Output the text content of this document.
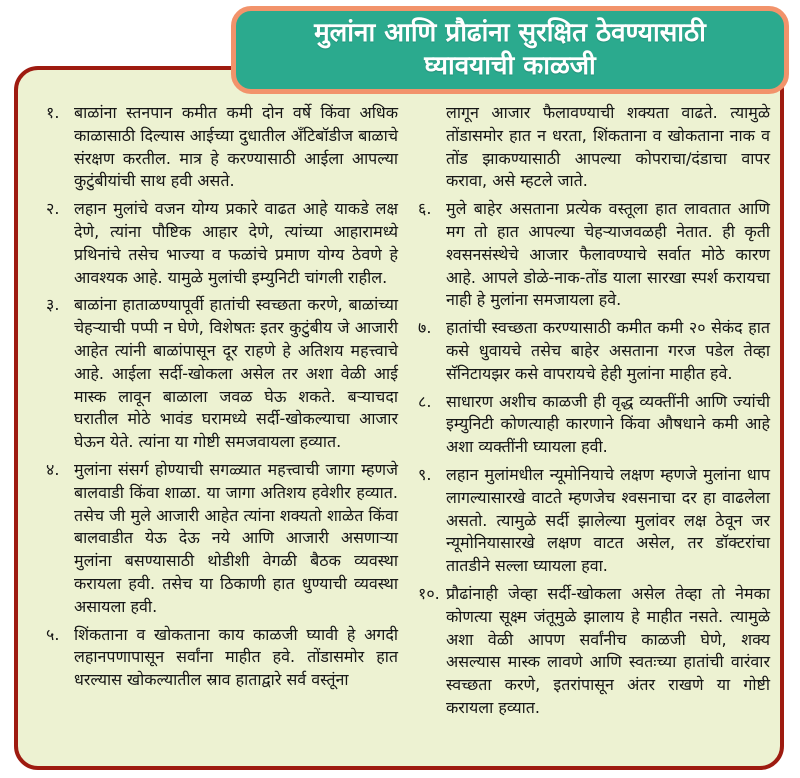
मुलांना आणि प्रौढांना सुरक्षित ठेवण्यासाठी
घ्यावयाची काळजी
१. बाळांना स्तनपान कमीत कमी दोन वर्षे किंवा अधिक काळासाठी दिल्यास आईच्या दुधातील अँटिबॉडीज बाळाचे संरक्षण करतील. मात्र हे करण्यासाठी आईला आपल्या कुटुंबीयांची साथ हवी असते.
२. लहान मुलांचे वजन योग्य प्रकारे वाढत आहे याकडे लक्ष देणे, त्यांना पौष्टिक आहार देणे, त्यांच्या आहारामध्ये प्रथिनांचे तसेच भाज्या व फळांचे प्रमाण योग्य ठेवणे हे आवश्यक आहे. यामुळे मुलांची इम्युनिटी चांगली राहील.
३. बाळांना हाताळण्यापूर्वी हातांची स्वच्छता करणे, बाळांच्या चेहऱ्याची पप्पी न घेणे, विशेषतः इतर कुटुंबीय जे आजारी आहेत त्यांनी बाळांपासून दूर राहणे हे अतिशय महत्त्वाचे आहे. आईला सर्दी-खोकला असेल तर अशा वेळी आई मास्क लावून बाळाला जवळ घेऊ शकते. बऱ्याचदा घरातील मोठे भावंड घरामध्ये सर्दी-खोकल्याचा आजार घेऊन येते. त्यांना या गोष्टी समजवायला हव्यात.
४. मुलांना संसर्ग होण्याची सगळ्यात महत्त्वाची जागा म्हणजे बालवाडी किंवा शाळा. या जागा अतिशय हवेशीर हव्यात. तसेच जी मुले आजारी आहेत त्यांना शक्यतो शाळेत किंवा बालवाडीत येऊ देऊ नये आणि आजारी असणाऱ्या मुलांना बसण्यासाठी थोडीशी वेगळी बैठक व्यवस्था करायला हवी. तसेच या ठिकाणी हात धुण्याची व्यवस्था असायला हवी.
५. शिंकताना व खोकताना काय काळजी घ्यावी हे अगदी लहानपणापासून सर्वांना माहीत हवे. तोंडासमोर हात धरल्यास खोकल्यातील स्राव हाताद्वारे सर्व वस्तूंना
लागून आजार फैलावण्याची शक्यता वाढते. त्यामुळे तोंडासमोर हात न धरता, शिंकताना व खोकताना नाक व तोंड झाकण्यासाठी आपल्या कोपराचा/दंडाचा वापर करावा, असे म्हटले जाते.
६. मुले बाहेर असताना प्रत्येक वस्तूला हात लावतात आणि मग तो हात आपल्या चेहऱ्याजवळही नेतात. ही कृती श्वसनसंस्थेचे आजार फैलावण्याचे सर्वात मोठे कारण आहे. आपले डोळे-नाक-तोंड याला सारखा स्पर्श करायचा नाही हे मुलांना समजायला हवे.
७. हातांची स्वच्छता करण्यासाठी कमीत कमी २० सेकंद हात कसे धुवायचे तसेच बाहेर असताना गरज पडेल तेव्हा सॅनिटायझर कसे वापरायचे हेही मुलांना माहीत हवे.
८. साधारण अशीच काळजी ही वृद्ध व्यक्तींनी आणि ज्यांची इम्युनिटी कोणत्याही कारणाने किंवा औषधाने कमी आहे अशा व्यक्तींनी घ्यायला हवी.
९. लहान मुलांमधील न्यूमोनियाचे लक्षण म्हणजे मुलांना धाप लागल्यासारखे वाटते म्हणजेच श्वसनाचा दर हा वाढलेला असतो. त्यामुळे सर्दी झालेल्या मुलांवर लक्ष ठेवून जर न्यूमोनियासारखे लक्षण वाटत असेल, तर डॉक्टरांचा तातडीने सल्ला घ्यायला हवा.
१०. प्रौढांनाही जेव्हा सर्दी-खोकला असेल तेव्हा तो नेमका कोणत्या सूक्ष्म जंतूमुळे झालाय हे माहीत नसते. त्यामुळे अशा वेळी आपण सर्वांनीच काळजी घेणे, शक्य असल्यास मास्क लावणे आणि स्वतःच्या हातांची वारंवार स्वच्छता करणे, इतरांपासून अंतर राखणे या गोष्टी करायला हव्यात.
